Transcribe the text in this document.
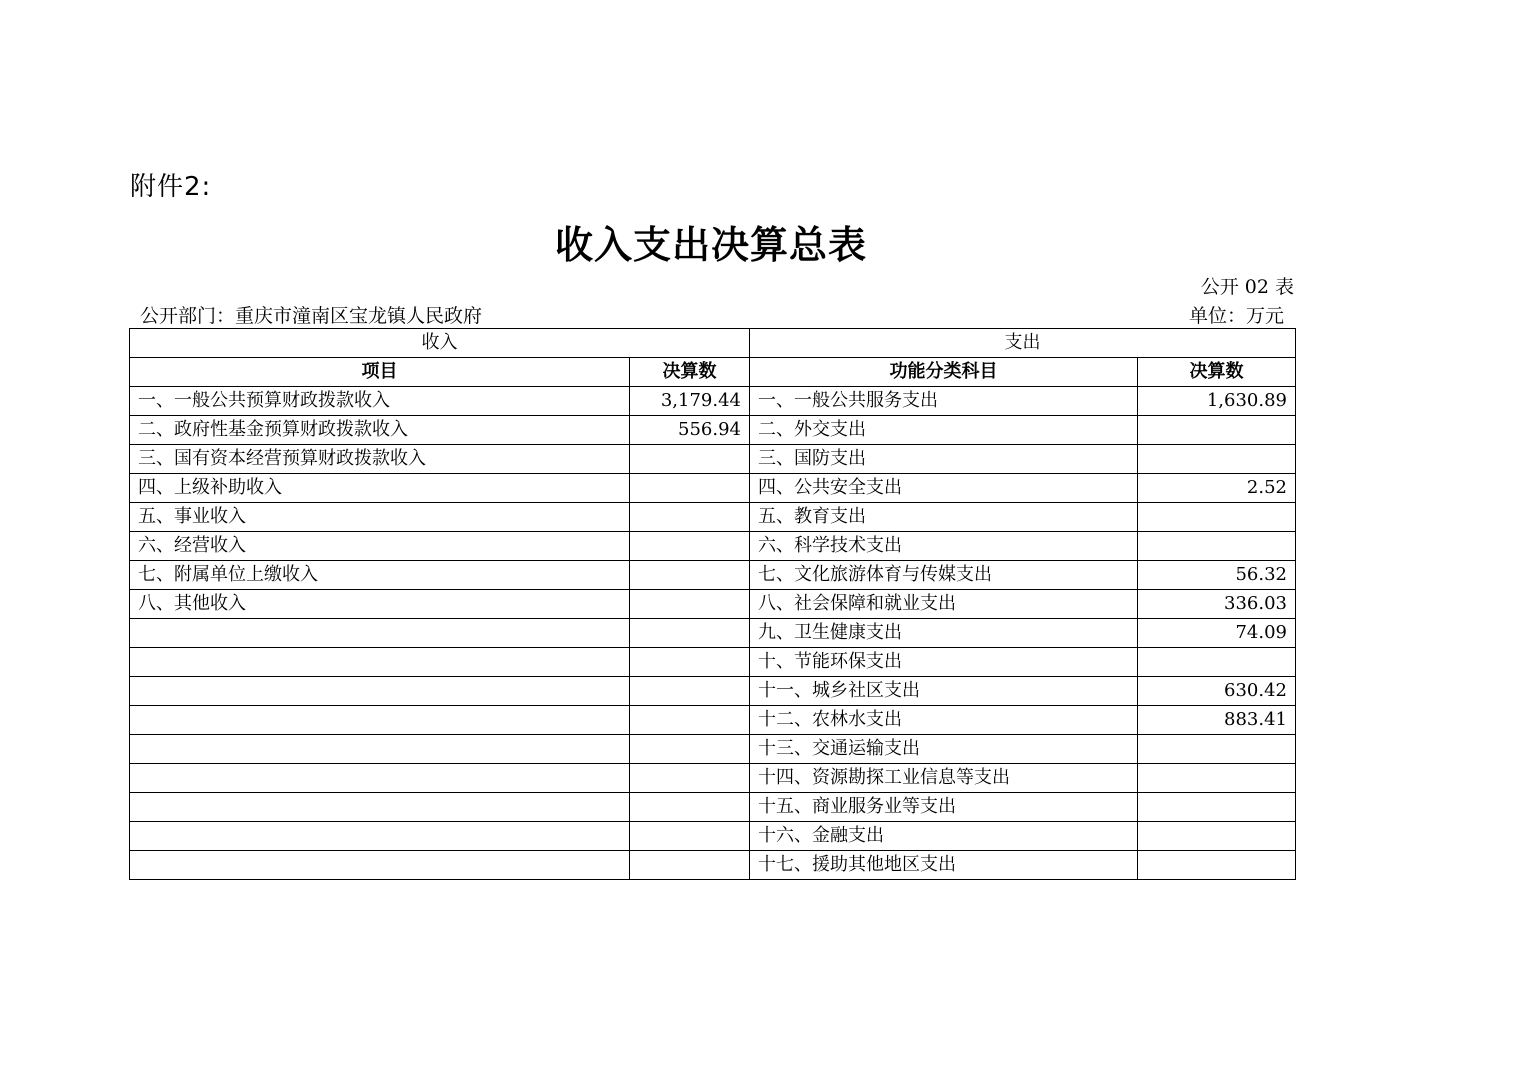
附件2:
收入支出决算总表
公开 02 表
公开部门：重庆市潼南区宝龙镇人民政府	单位：万元
收入		支出	
项目	决算数	功能分类科目	决算数
一、一般公共预算财政拨款收入	3,179.44	一、一般公共服务支出	1,630.89
二、政府性基金预算财政拨款收入	556.94	二、外交支出	
三、国有资本经营预算财政拨款收入		三、国防支出	
四、上级补助收入		四、公共安全支出	2.52
五、事业收入		五、教育支出	
六、经营收入		六、科学技术支出	
七、附属单位上缴收入		七、文化旅游体育与传媒支出	56.32
八、其他收入		八、社会保障和就业支出	336.03
		九、卫生健康支出	74.09
		十、节能环保支出	
		十一、城乡社区支出	630.42
		十二、农林水支出	883.41
		十三、交通运输支出	
		十四、资源勘探工业信息等支出	
		十五、商业服务业等支出	
		十六、金融支出	
		十七、援助其他地区支出	
